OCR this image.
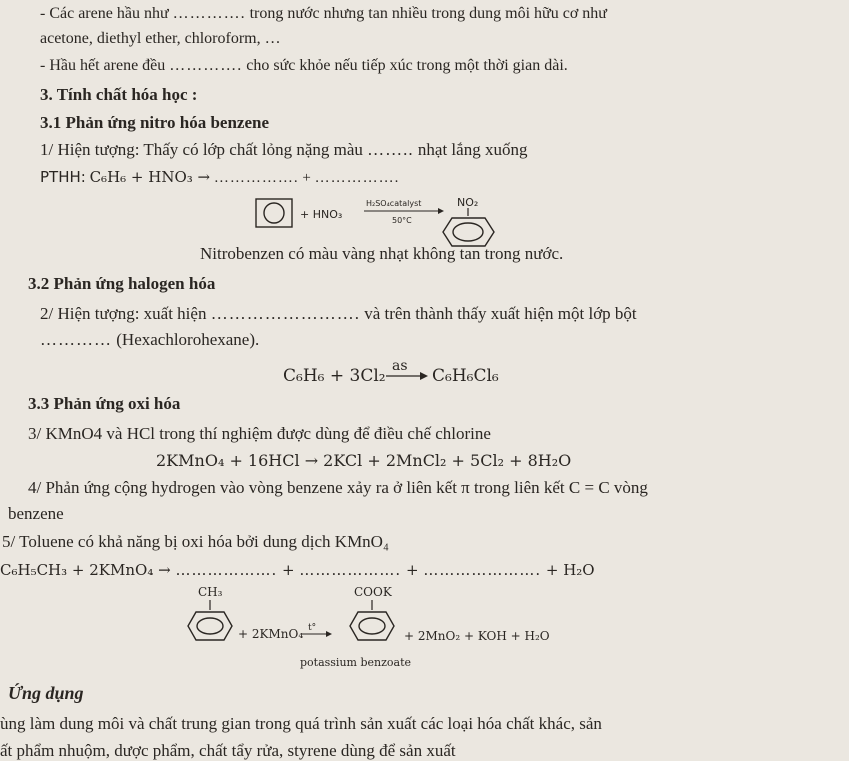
- Các arene hầu như …………. trong nước nhưng tan nhiều trong dung môi hữu cơ như
acetone, diethyl ether, chloroform, …
- Hầu hết arene đều …………. cho sức khỏe nếu tiếp xúc trong một thời gian dài.
3. Tính chất hóa học :
3.1 Phản ứng nitro hóa benzene
1/ Hiện tượng: Thấy có lớp chất lỏng nặng màu …….. nhạt lắng xuống
PTHH: C₆H₆ + HNO₃ → ……………. + …………….
+ HNO₃
H₂SO₄catalyst
50°C
NO₂
Nitrobenzen có màu vàng nhạt không tan trong nước.
3.2 Phản ứng halogen hóa
2/ Hiện tượng: xuất hiện ……………………. và trên thành thấy xuất hiện một lớp bột
………… (Hexachlorohexane).
C₆H₆ + 3Cl₂ as C₆H₆Cl₆
3.3 Phản ứng oxi hóa
3/ KMnO4 và HCl trong thí nghiệm được dùng để điều chế chlorine
2KMnO₄ + 16HCl → 2KCl + 2MnCl₂ + 5Cl₂ + 8H₂O
4/ Phản ứng cộng hydrogen vào vòng benzene xảy ra ở liên kết π trong liên kết C = C vòng
benzene
5/ Toluene có khả năng bị oxi hóa bởi dung dịch KMnO₄
C₆H₅CH₃ + 2KMnO₄ → ………………. + ………………. + …………………. + H₂O
CH₃
+ 2KMnO₄ t°
COOK
+ 2MnO₂ + KOH + H₂O
potassium benzoate
Ứng dụng
ùng làm dung môi và chất trung gian trong quá trình sản xuất các loại hóa chất khác, sản
ất phẩm nhuộm, dược phẩm, chất tẩy rửa, styrene dùng để sản xuất
